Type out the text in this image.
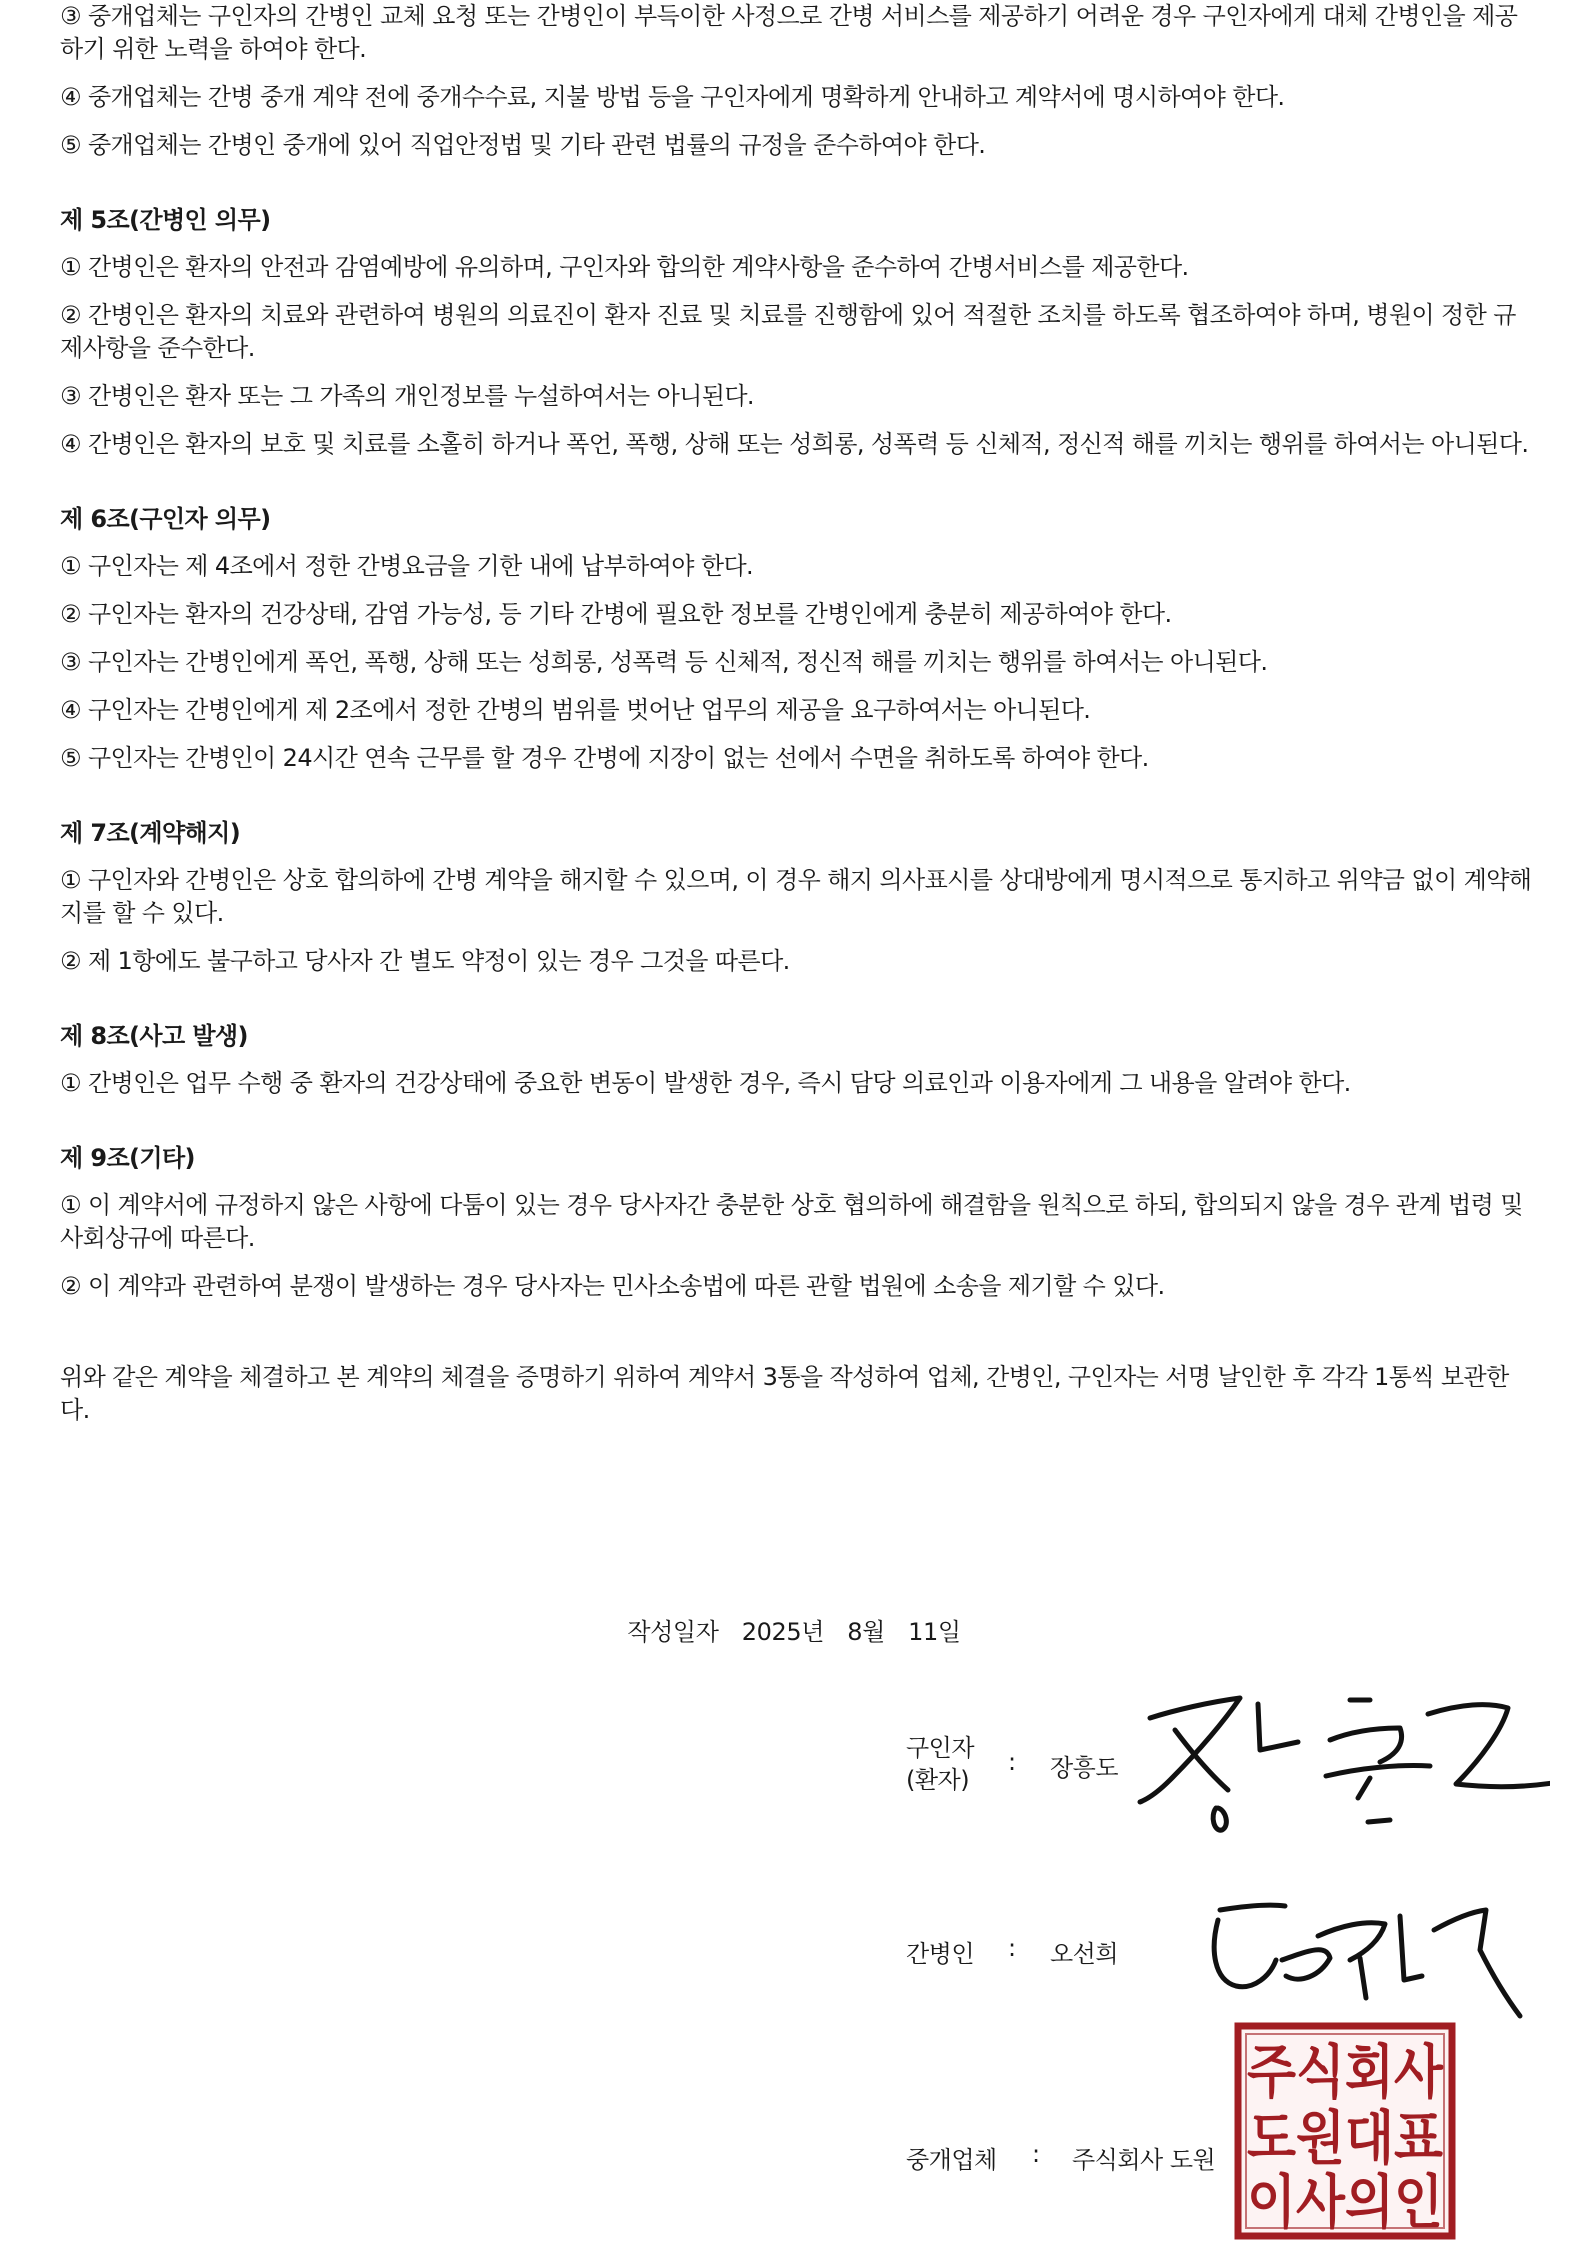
③ 중개업체는 구인자의 간병인 교체 요청 또는 간병인이 부득이한 사정으로 간병 서비스를 제공하기 어려운 경우 구인자에게 대체 간병인을 제공하기 위한 노력을 하여야 한다.

④ 중개업체는 간병 중개 계약 전에 중개수수료, 지불 방법 등을 구인자에게 명확하게 안내하고 계약서에 명시하여야 한다.

⑤ 중개업체는 간병인 중개에 있어 직업안정법 및 기타 관련 법률의 규정을 준수하여야 한다.

제 5조(간병인 의무)

① 간병인은 환자의 안전과 감염예방에 유의하며, 구인자와 합의한 계약사항을 준수하여 간병서비스를 제공한다.

② 간병인은 환자의 치료와 관련하여 병원의 의료진이 환자 진료 및 치료를 진행함에 있어 적절한 조치를 하도록 협조하여야 하며, 병원이 정한 규제사항을 준수한다.

③ 간병인은 환자 또는 그 가족의 개인정보를 누설하여서는 아니된다.

④ 간병인은 환자의 보호 및 치료를 소홀히 하거나 폭언, 폭행, 상해 또는 성희롱, 성폭력 등 신체적, 정신적 해를 끼치는 행위를 하여서는 아니된다.

제 6조(구인자 의무)

① 구인자는 제 4조에서 정한 간병요금을 기한 내에 납부하여야 한다.

② 구인자는 환자의 건강상태, 감염 가능성, 등 기타 간병에 필요한 정보를 간병인에게 충분히 제공하여야 한다.

③ 구인자는 간병인에게 폭언, 폭행, 상해 또는 성희롱, 성폭력 등 신체적, 정신적 해를 끼치는 행위를 하여서는 아니된다.

④ 구인자는 간병인에게 제 2조에서 정한 간병의 범위를 벗어난 업무의 제공을 요구하여서는 아니된다.

⑤ 구인자는 간병인이 24시간 연속 근무를 할 경우 간병에 지장이 없는 선에서 수면을 취하도록 하여야 한다.

제 7조(계약해지)

① 구인자와 간병인은 상호 합의하에 간병 계약을 해지할 수 있으며, 이 경우 해지 의사표시를 상대방에게 명시적으로 통지하고 위약금 없이 계약해지를 할 수 있다.

② 제 1항에도 불구하고 당사자 간 별도 약정이 있는 경우 그것을 따른다.

제 8조(사고 발생)

① 간병인은 업무 수행 중 환자의 건강상태에 중요한 변동이 발생한 경우, 즉시 담당 의료인과 이용자에게 그 내용을 알려야 한다.

제 9조(기타)

① 이 계약서에 규정하지 않은 사항에 다툼이 있는 경우 당사자간 충분한 상호 협의하에 해결함을 원칙으로 하되, 합의되지 않을 경우 관계 법령 및 사회상규에 따른다.

② 이 계약과 관련하여 분쟁이 발생하는 경우 당사자는 민사소송법에 따른 관할 법원에 소송을 제기할 수 있다.

위와 같은 계약을 체결하고 본 계약의 체결을 증명하기 위하여 계약서 3통을 작성하여 업체, 간병인, 구인자는 서명 날인한 후 각각 1통씩 보관한다.

작성일자 2025년 8월 11일
구인자
(환자)
: 장흥도
간병인 : 오선희
중개업체 : 주식회사 도원
주식회사
도원대표
이사의인
